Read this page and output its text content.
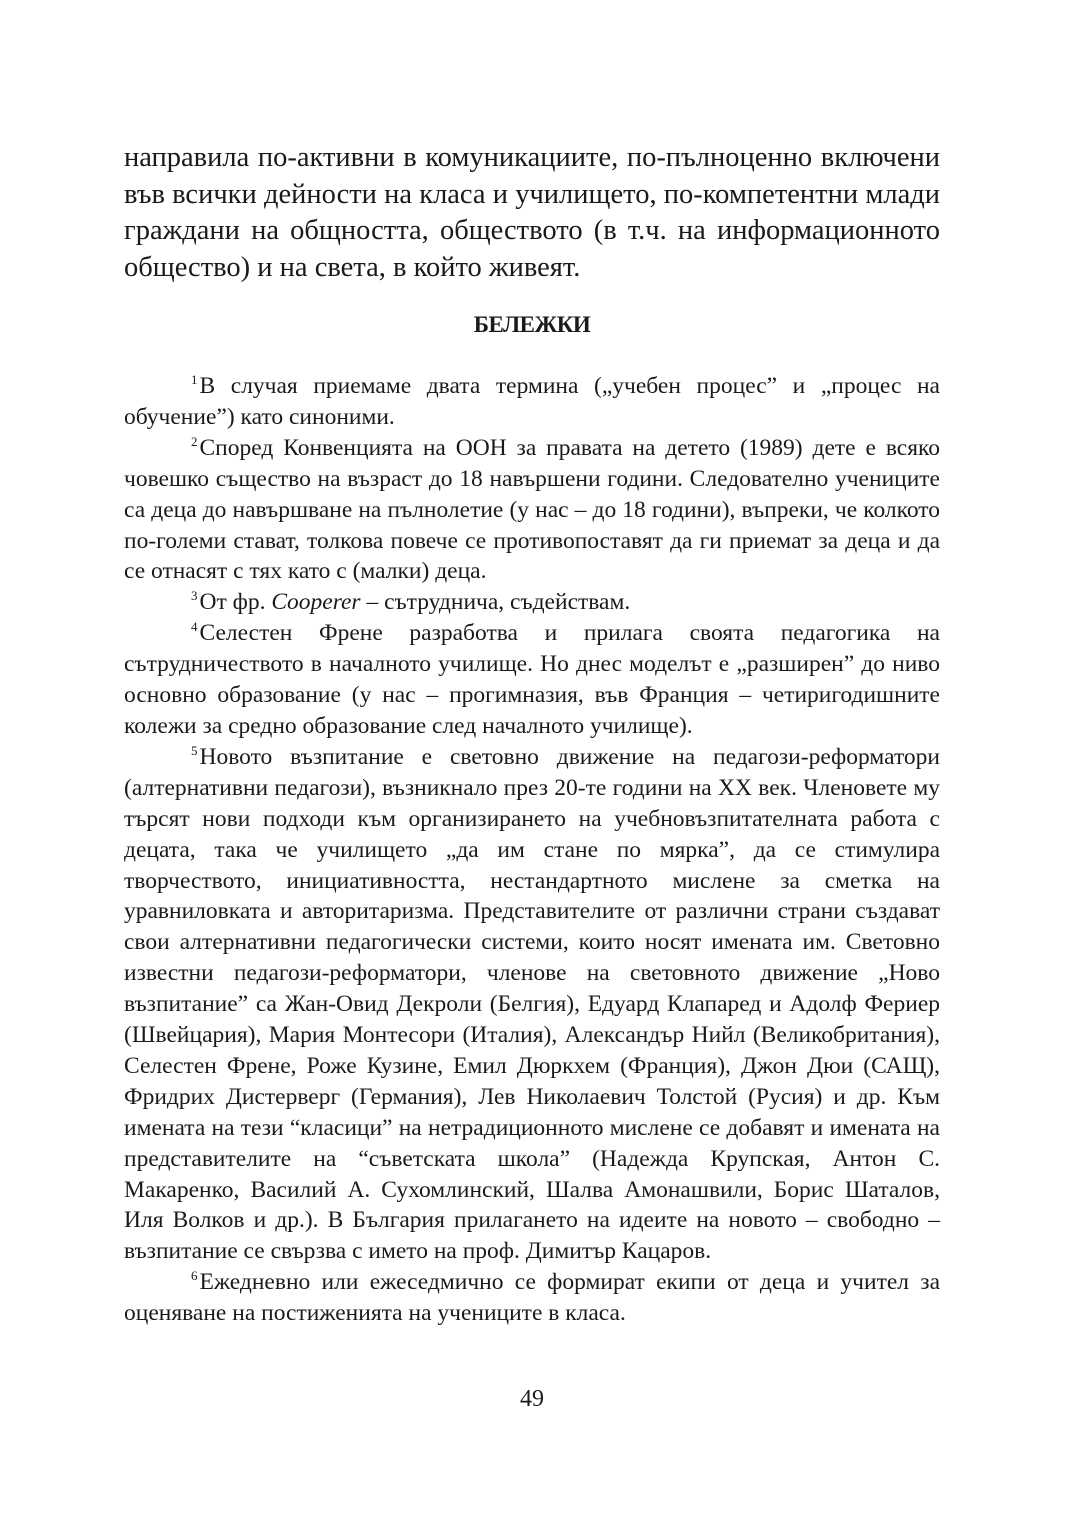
направила по-активни в комуникациите, по-пълноценно включени във всички дейности на класа и училището, по-компетентни млади граждани на общността, обществото (в т.ч. на информационното общество) и на света, в който живеят.

БЕЛЕЖКИ

$^1$В случая приемаме двата термина („учебен процес” и „процес на обучение”) като синоними.

$^2$Според Конвенцията на ООН за правата на детето (1989) дете е всяко човешко същество на възраст до 18 навършени години. Следователно учениците са деца до навършване на пълнолетие (у нас – до 18 години), въпреки, че колкото по-големи стават, толкова повече се противопоставят да ги приемат за деца и да се отнасят с тях като с (малки) деца.

$^3$От фр. Cooperer – сътруднича, съдействам.

$^4$Селестен Френе разработва и прилага своята педагогика на сътрудничеството в началното училище. Но днес моделът е „разширен” до ниво основно образование (у нас – прогимназия, във Франция – четиригодишните колежи за средно образование след началното училище).

$^5$Новото възпитание е световно движение на педагози-реформатори (алтернативни педагози), възникнало през 20-те години на ХХ век. Членовете му търсят нови подходи към организирането на учебновъзпитателната работа с децата, така че училището „да им стане по мярка”, да се стимулира творчеството, инициативността, нестандартното мислене за сметка на уравниловката и авторитаризма. Представителите от различни страни създават свои алтернативни педагогически системи, които носят имената им. Световно известни педагози-реформатори, членове на световното движение „Ново възпитание” са Жан-Овид Декроли (Белгия), Едуард Клапаред и Адолф Фериер (Швейцария), Мария Монтесори (Италия), Александър Нийл (Великобритания), Селестен Френе, Роже Кузине, Емил Дюркхем (Франция), Джон Дюи (САЩ), Фридрих Дистерверг (Германия), Лев Николаевич Толстой (Русия) и др. Към имената на тези “класици” на нетрадиционното мислене се добавят и имената на представителите на “съветската школа” (Надежда Крупская, Антон С. Макаренко, Василий А. Сухомлинский, Шалва Амонашвили, Борис Шаталов, Иля Волков и др.). В България прилагането на идеите на новото – свободно – възпитание се свързва с името на проф. Димитър Кацаров.

$^6$Ежедневно или ежеседмично се формират екипи от деца и учител за оценяване на постиженията на учениците в класа.

49
